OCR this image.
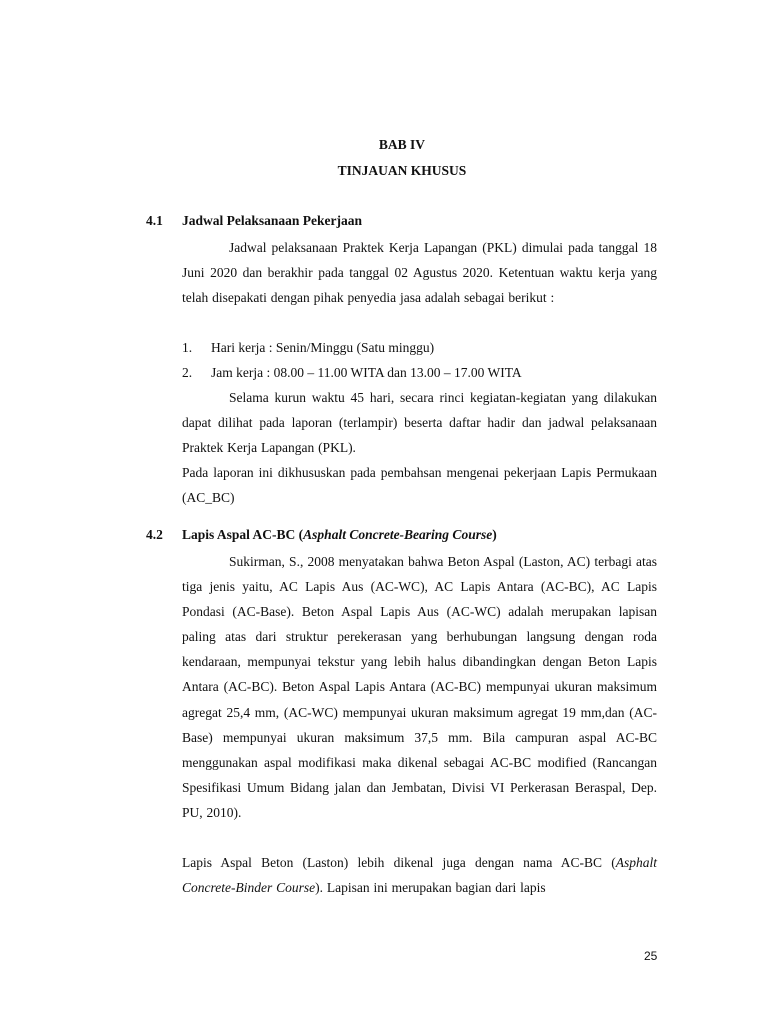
BAB IV
TINJAUAN KHUSUS
4.1 Jadwal Pelaksanaan Pekerjaan
Jadwal pelaksanaan Praktek Kerja Lapangan (PKL) dimulai pada tanggal 18 Juni 2020 dan berakhir pada tanggal 02 Agustus 2020. Ketentuan waktu kerja yang telah disepakati dengan pihak penyedia jasa adalah sebagai berikut :
1. Hari kerja : Senin/Minggu (Satu minggu)
2. Jam kerja : 08.00 – 11.00 WITA dan 13.00 – 17.00 WITA
Selama kurun waktu 45 hari, secara rinci kegiatan-kegiatan yang dilakukan dapat dilihat pada laporan (terlampir) beserta daftar hadir dan jadwal pelaksanaan Praktek Kerja Lapangan (PKL).
Pada laporan ini dikhususkan pada pembahsan mengenai pekerjaan Lapis Permukaan (AC_BC)
4.2 Lapis Aspal AC-BC (Asphalt Concrete-Bearing Course)
Sukirman, S., 2008 menyatakan bahwa Beton Aspal (Laston, AC) terbagi atas tiga jenis yaitu, AC Lapis Aus (AC-WC), AC Lapis Antara (AC-BC), AC Lapis Pondasi (AC-Base). Beton Aspal Lapis Aus (AC-WC) adalah merupakan lapisan paling atas dari struktur perekerasan yang berhubungan langsung dengan roda kendaraan, mempunyai tekstur yang lebih halus dibandingkan dengan Beton Lapis Antara (AC-BC). Beton Aspal Lapis Antara (AC-BC) mempunyai ukuran maksimum agregat 25,4 mm, (AC-WC) mempunyai ukuran maksimum agregat 19 mm,dan (AC-Base) mempunyai ukuran maksimum 37,5 mm. Bila campuran aspal AC-BC menggunakan aspal modifikasi maka dikenal sebagai AC-BC modified (Rancangan Spesifikasi Umum Bidang jalan dan Jembatan, Divisi VI Perkerasan Beraspal, Dep. PU, 2010).
Lapis Aspal Beton (Laston) lebih dikenal juga dengan nama AC-BC (Asphalt Concrete-Binder Course). Lapisan ini merupakan bagian dari lapis
25
